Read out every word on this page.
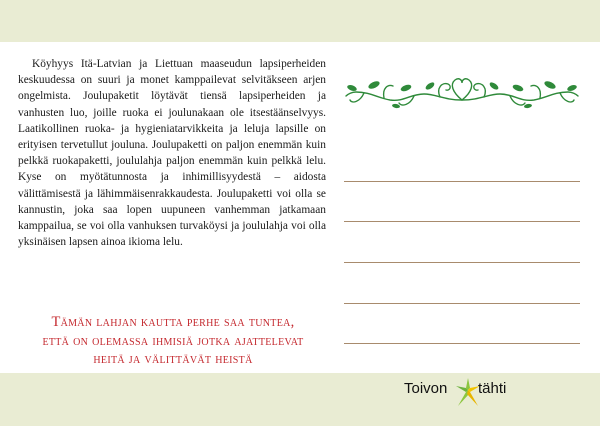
Köyhyys Itä-Latvian ja Liettuan maaseudun lapsiperheiden keskuudessa on suuri ja monet kamppailevat selvitäkseen arjen ongelmista. Joulupaketit löytävät tiensä lapsiperheiden ja vanhusten luo, joille ruoka ei joulunakaan ole itsestäänselvyys. Laatikollinen ruoka- ja hygieniatarvikkeita ja leluja lapsille on erityisen tervetullut jouluna. Joulupaketti on paljon enemmän kuin pelkkä ruokapaketti, joululahja paljon enemmän kuin pelkkä lelu. Kyse on myötätunnosta ja inhimillisyydestä – aidosta välittämisestä ja lähimmäisenrakkaudesta. Joulupaketti voi olla se kannustin, joka saa lopen uupuneen vanhemman jatkamaan kamppailua, se voi olla vanhuksen turvaköysi ja joululahja voi olla yksinäisen lapsen ainoa ikioma lelu.

Tämän lahjan kautta perhe saa tuntea,
että on olemassa ihmisiä jotka ajattelevat
heitä ja välittävät heistä
Toivon tähti
